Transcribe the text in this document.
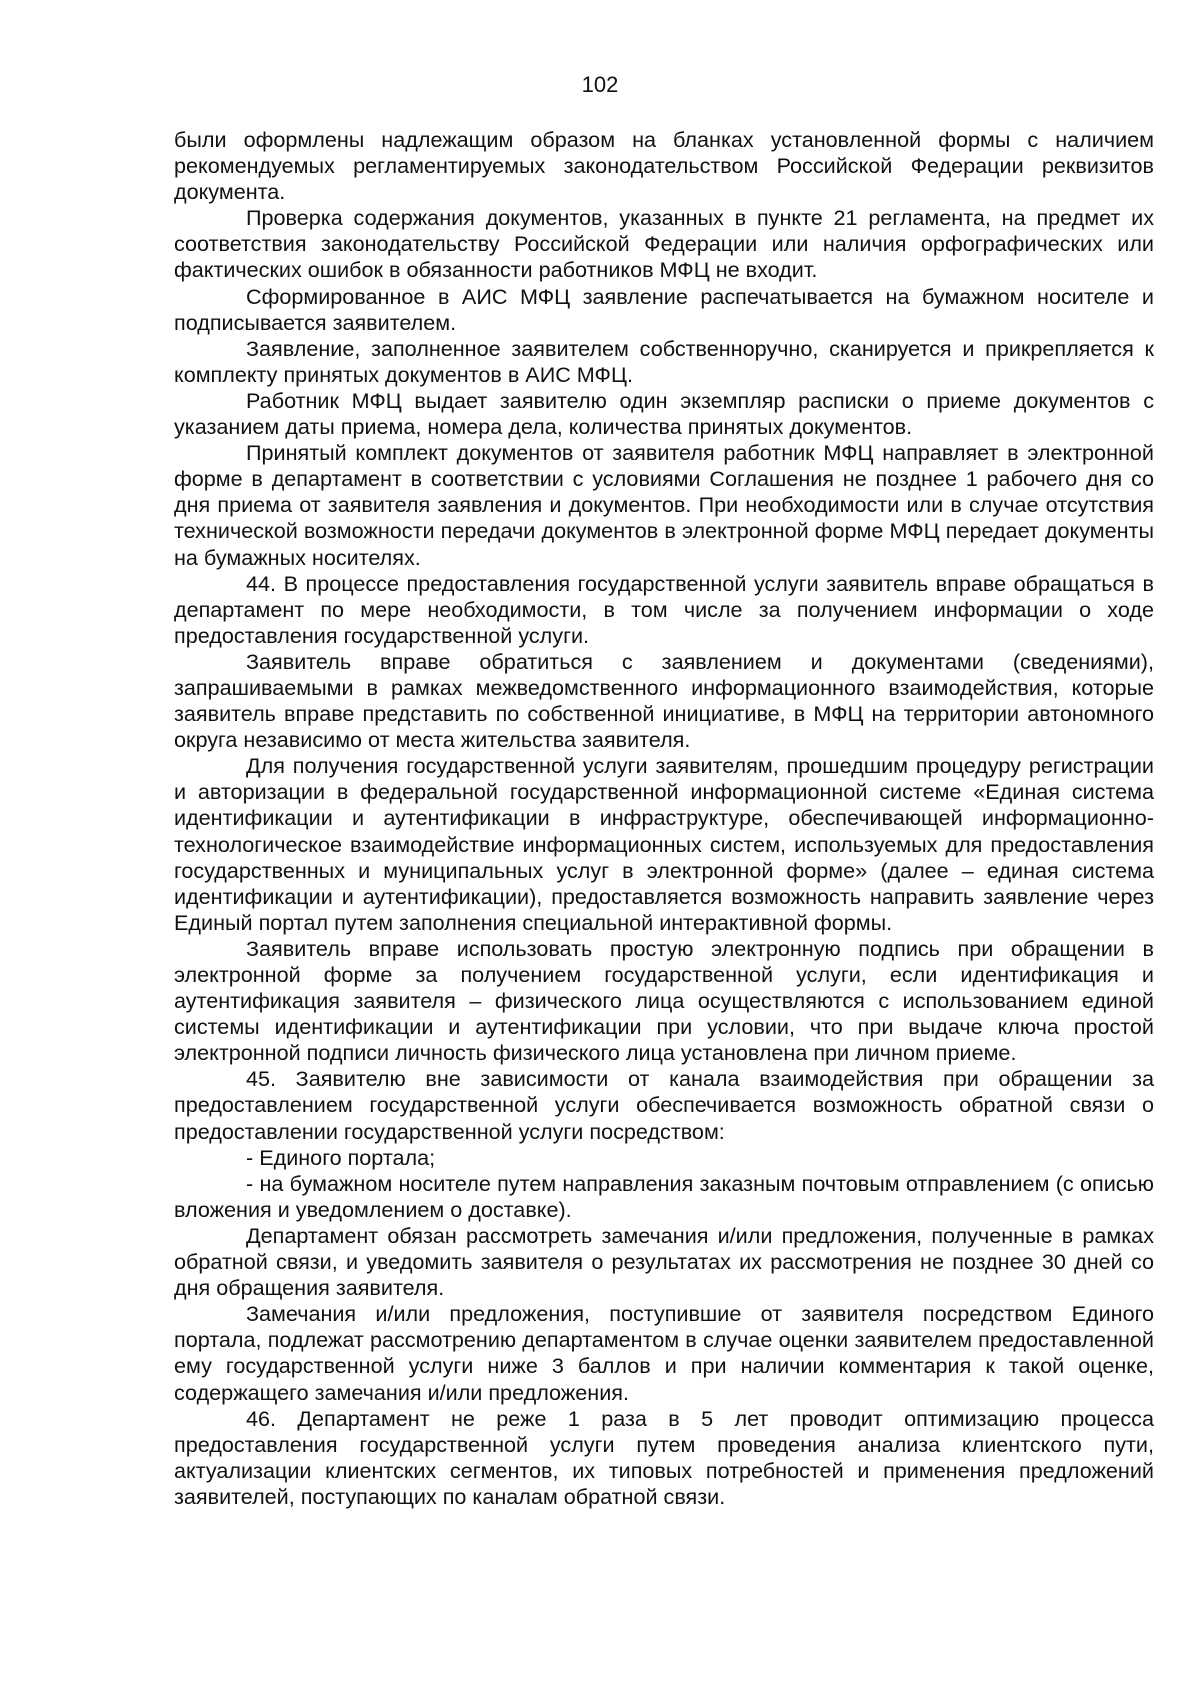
102

были оформлены надлежащим образом на бланках установленной формы с наличием рекомендуемых регламентируемых законодательством Российской Федерации реквизитов документа.

Проверка содержания документов, указанных в пункте 21 регламента, на предмет их соответствия законодательству Российской Федерации или наличия орфографических или фактических ошибок в обязанности работников МФЦ не входит.

Сформированное в АИС МФЦ заявление распечатывается на бумажном носителе и подписывается заявителем.

Заявление, заполненное заявителем собственноручно, сканируется и прикрепляется к комплекту принятых документов в АИС МФЦ.

Работник МФЦ выдает заявителю один экземпляр расписки о приеме документов с указанием даты приема, номера дела, количества принятых документов.

Принятый комплект документов от заявителя работник МФЦ направляет в электронной форме в департамент в соответствии с условиями Соглашения не позднее 1 рабочего дня со дня приема от заявителя заявления и документов. При необходимости или в случае отсутствия технической возможности передачи документов в электронной форме МФЦ передает документы на бумажных носителях.

44. В процессе предоставления государственной услуги заявитель вправе обращаться в департамент по мере необходимости, в том числе за получением информации о ходе предоставления государственной услуги.

Заявитель вправе обратиться с заявлением и документами (сведениями), запрашиваемыми в рамках межведомственного информационного взаимодействия, которые заявитель вправе представить по собственной инициативе, в МФЦ на территории автономного округа независимо от места жительства заявителя.

Для получения государственной услуги заявителям, прошедшим процедуру регистрации и авторизации в федеральной государственной информационной системе «Единая система идентификации и аутентификации в инфраструктуре, обеспечивающей информационно-технологическое взаимодействие информационных систем, используемых для предоставления государственных и муниципальных услуг в электронной форме» (далее – единая система идентификации и аутентификации), предоставляется возможность направить заявление через Единый портал путем заполнения специальной интерактивной формы.

Заявитель вправе использовать простую электронную подпись при обращении в электронной форме за получением государственной услуги, если идентификация и аутентификация заявителя – физического лица осуществляются с использованием единой системы идентификации и аутентификации при условии, что при выдаче ключа простой электронной подписи личность физического лица установлена при личном приеме.

45. Заявителю вне зависимости от канала взаимодействия при обращении за предоставлением государственной услуги обеспечивается возможность обратной связи о предоставлении государственной услуги посредством:

- Единого портала;

- на бумажном носителе путем направления заказным почтовым отправлением (с описью вложения и уведомлением о доставке).

Департамент обязан рассмотреть замечания и/или предложения, полученные в рамках обратной связи, и уведомить заявителя о результатах их рассмотрения не позднее 30 дней со дня обращения заявителя.

Замечания и/или предложения, поступившие от заявителя посредством Единого портала, подлежат рассмотрению департаментом в случае оценки заявителем предоставленной ему государственной услуги ниже 3 баллов и при наличии комментария к такой оценке, содержащего замечания и/или предложения.

46. Департамент не реже 1 раза в 5 лет проводит оптимизацию процесса предоставления государственной услуги путем проведения анализа клиентского пути, актуализации клиентских сегментов, их типовых потребностей и применения предложений заявителей, поступающих по каналам обратной связи.
